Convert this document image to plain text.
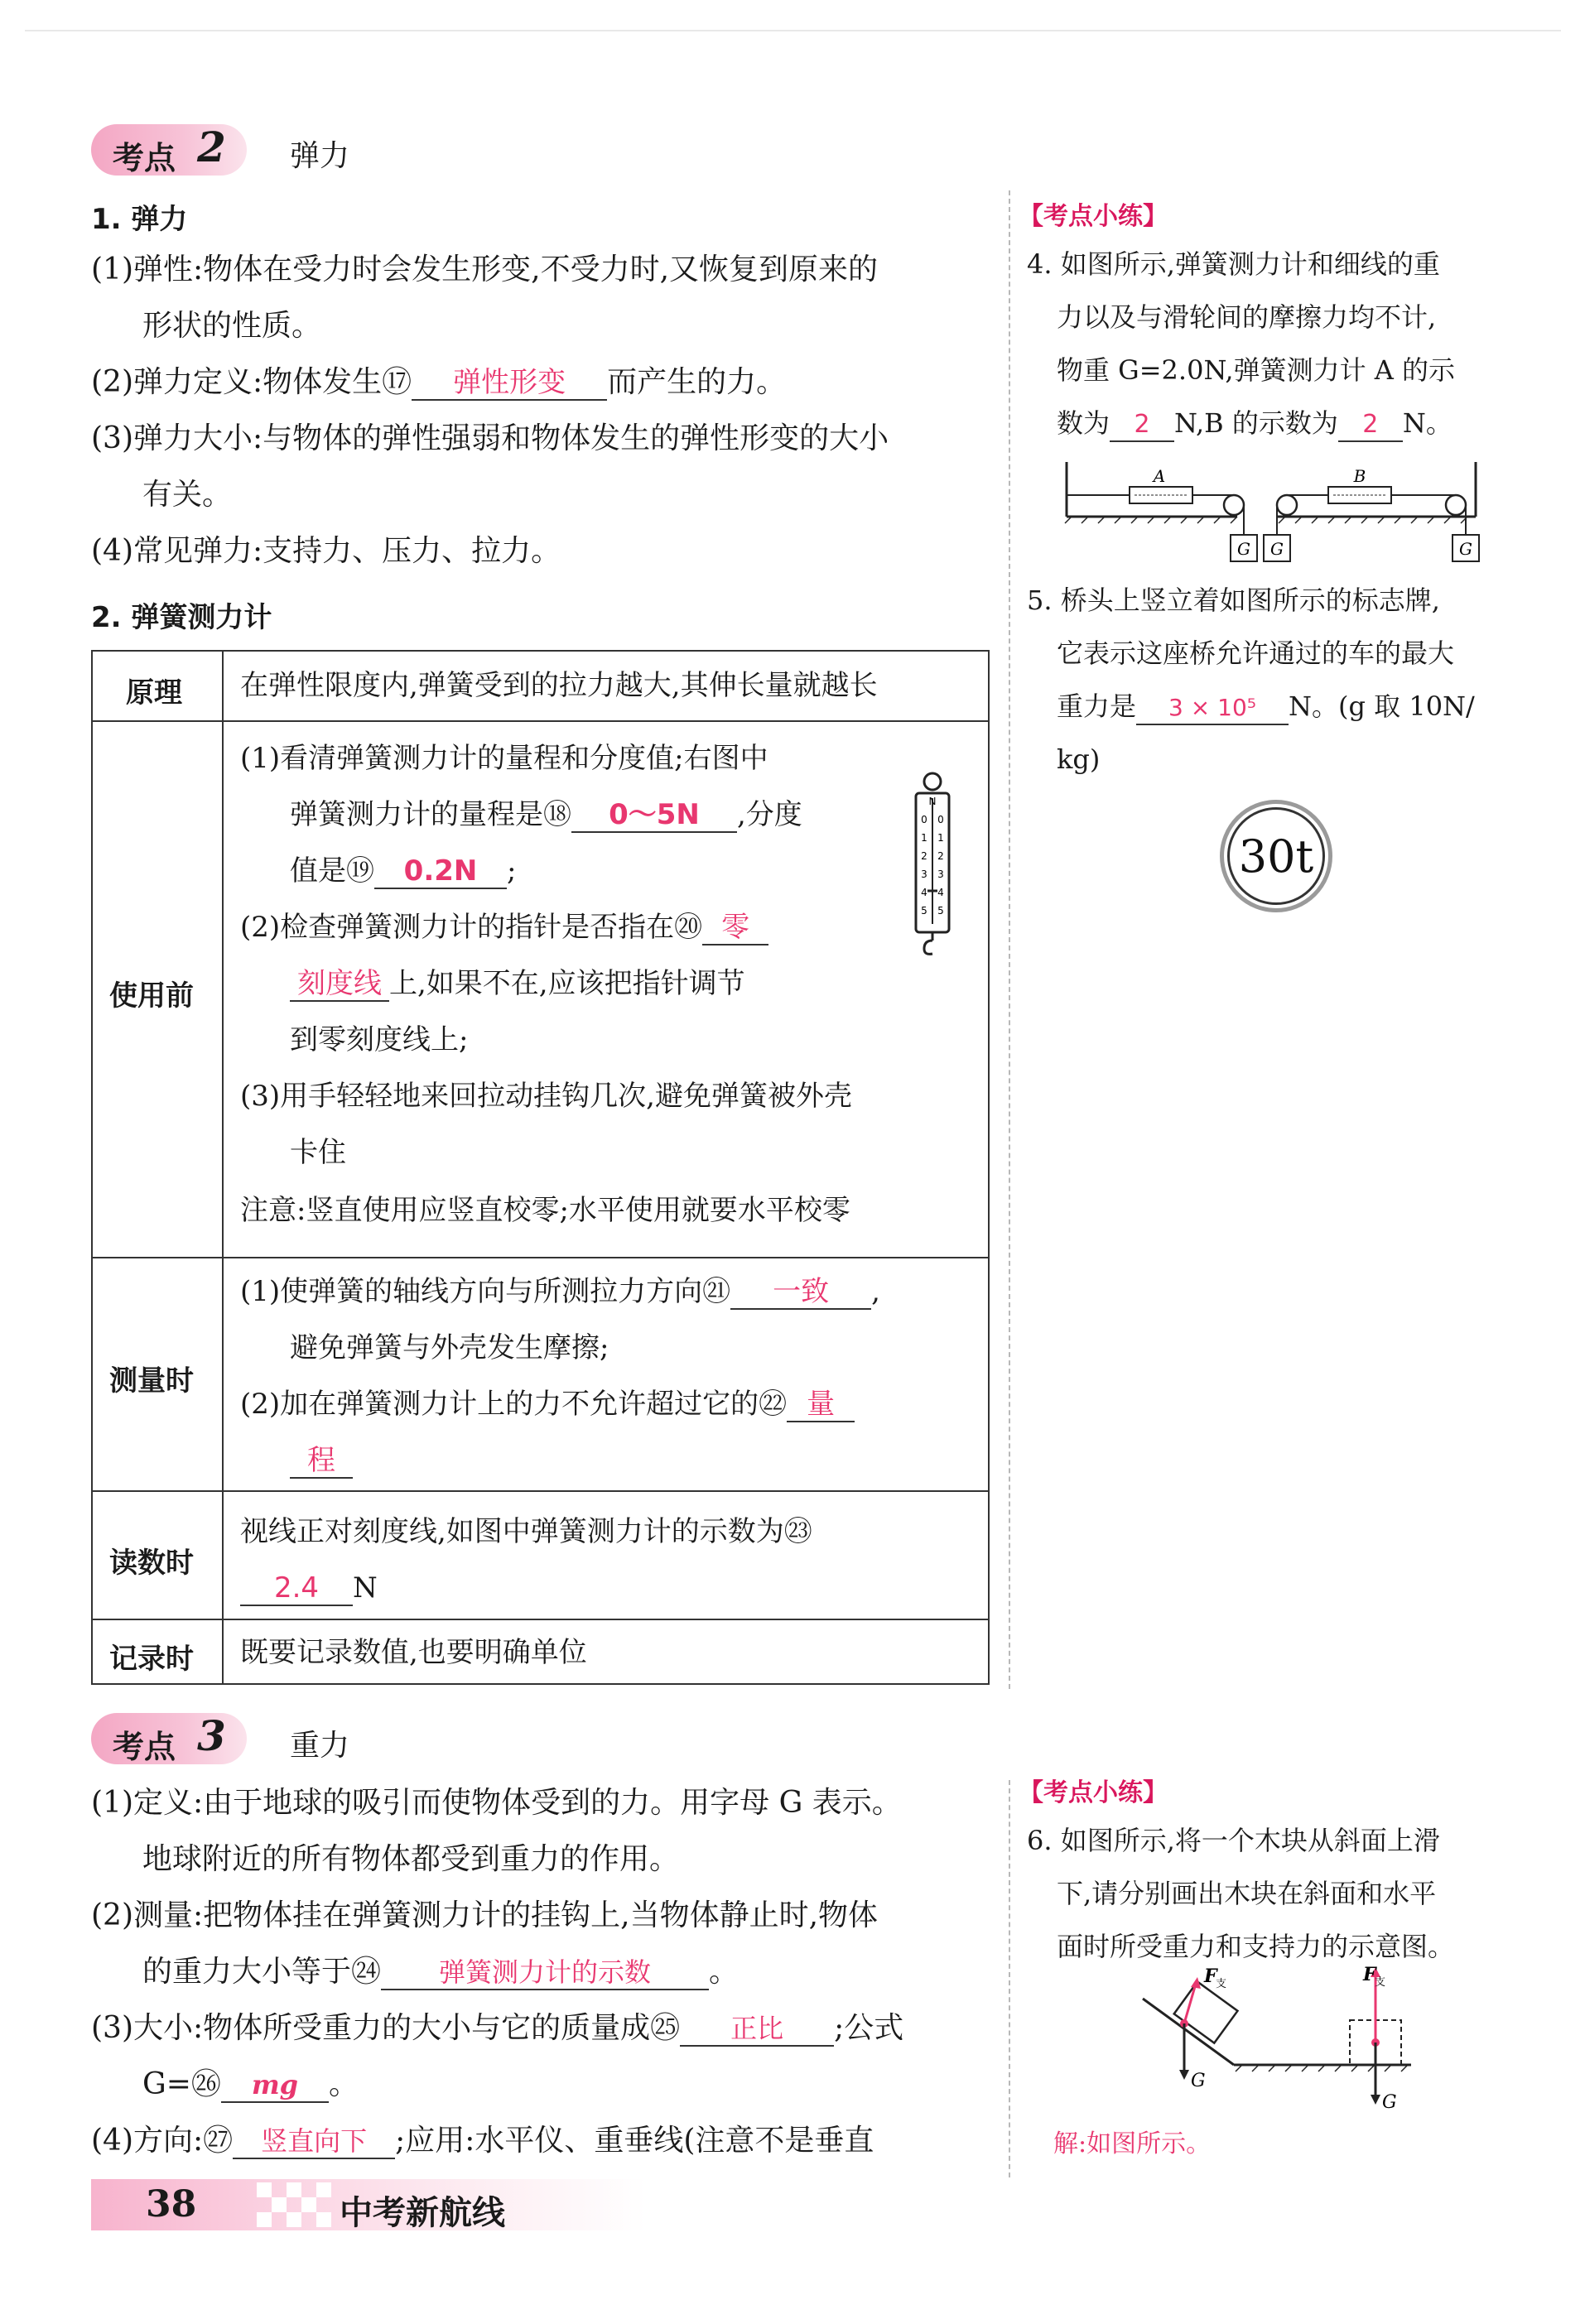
考点 2 弹力
1. 弹力
(1)弹性:物体在受力时会发生形变,不受力时,又恢复到原来的
形状的性质。
(2)弹力定义:物体发生⑰ 弹性形变 而产生的力。
(3)弹力大小:与物体的弹性强弱和物体发生的弹性形变的大小
有关。
(4)常见弹力:支持力、压力、拉力。
2. 弹簧测力计
原理
使用前
测量时
读数时
记录时
在弹性限度内,弹簧受到的拉力越大,其伸长量就越长
(1)看清弹簧测力计的量程和分度值;右图中
弹簧测力计的量程是⑱ 0～5N ,分度
值是⑲ 0.2N ;
(2)检查弹簧测力计的指针是否指在⑳ 零
刻度线 上,如果不在,应该把指针调节
到零刻度线上;
(3)用手轻轻地来回拉动挂钩几次,避免弹簧被外壳
卡住
注意:竖直使用应竖直校零;水平使用就要水平校零
N
0 0
1 1
2 2
3 3
4 4
5 5
(1)使弹簧的轴线方向与所测拉力方向㉑ 一致 ,
避免弹簧与外壳发生摩擦;
(2)加在弹簧测力计上的力不允许超过它的㉒ 量
程
视线正对刻度线,如图中弹簧测力计的示数为㉓
2.4 N
既要记录数值,也要明确单位
【考点小练】
4. 如图所示,弹簧测力计和细线的重
力以及与滑轮间的摩擦力均不计,
物重 G=2.0N,弹簧测力计 A 的示
数为 2 N,B 的示数为 2 N。
A
G G
B
G
5. 桥头上竖立着如图所示的标志牌,
它表示这座桥允许通过的车的最大
重力是 3 × 10⁵ N。(g 取 10N/
kg)
30t
考点 3 重力
(1)定义:由于地球的吸引而使物体受到的力。用字母 G 表示。
地球附近的所有物体都受到重力的作用。
(2)测量:把物体挂在弹簧测力计的挂钩上,当物体静止时,物体
的重力大小等于㉔ 弹簧测力计的示数 。
(3)大小:物体所受重力的大小与它的质量成㉕ 正比 ;公式
G=㉖ mg 。
(4)方向:㉗ 竖直向下 ;应用:水平仪、重垂线(注意不是垂直
【考点小练】
6. 如图所示,将一个木块从斜面上滑
下,请分别画出木块在斜面和水平
面时所受重力和支持力的示意图。
F
支
G
F
支
G
解:如图所示。
38	中考新航线
